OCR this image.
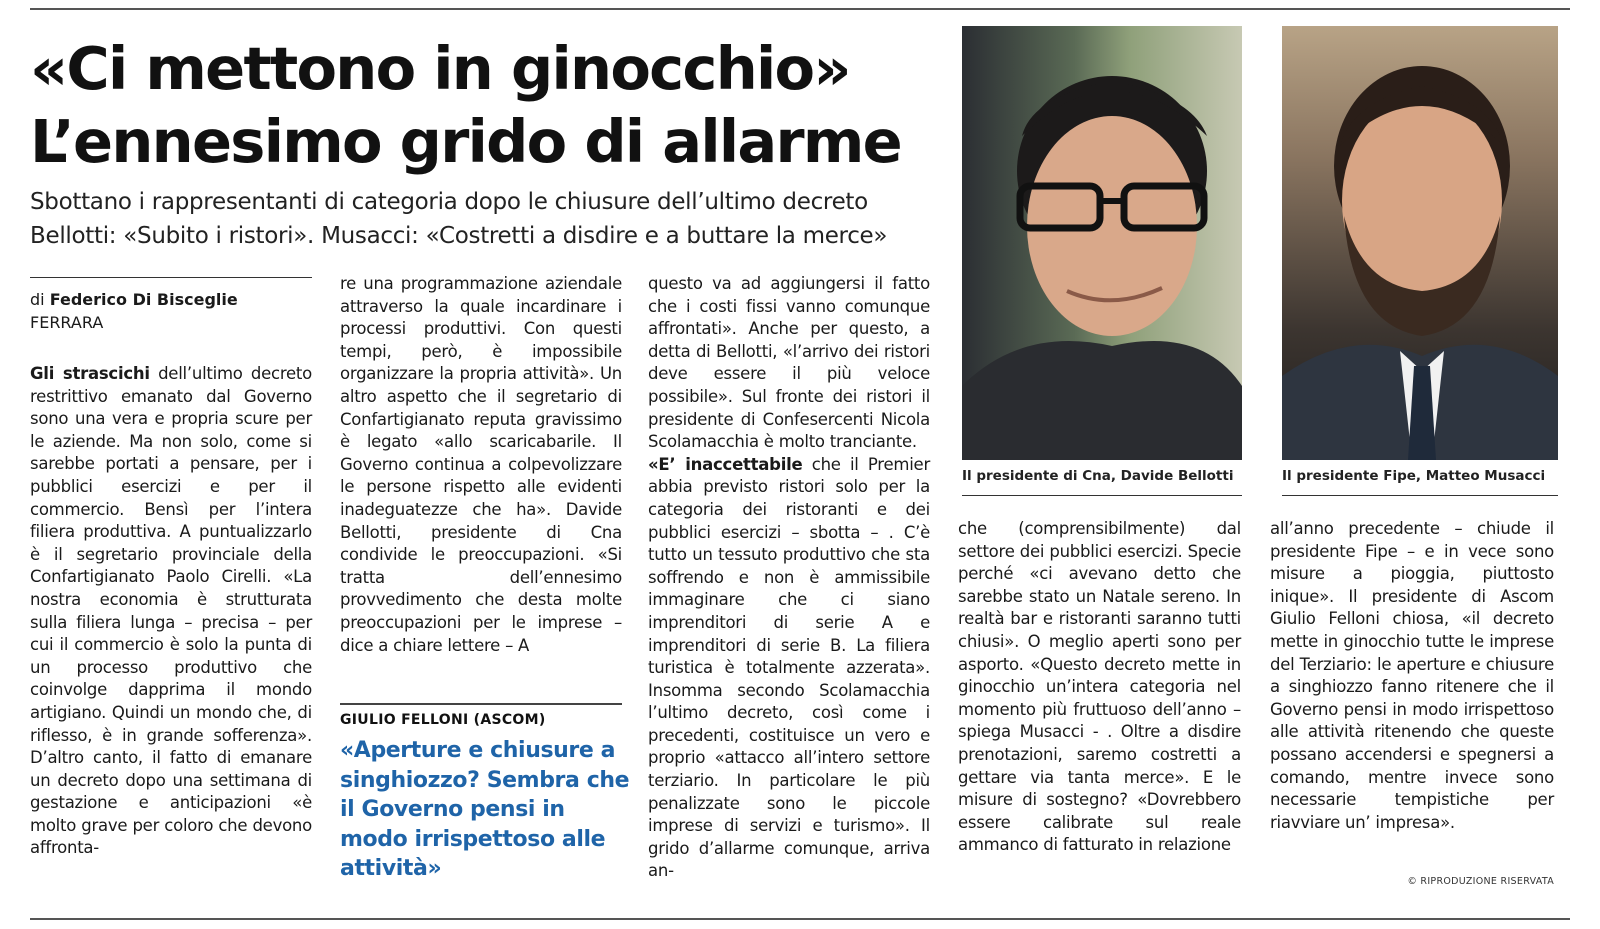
«Ci mettono in ginocchio»
L’ennesimo grido di allarme
Sbottano i rappresentanti di categoria dopo le chiusure dell’ultimo decreto
Bellotti: «Subito i ristori». Musacci: «Costretti a disdire e a buttare la merce»
di Federico Di Bisceglie
FERRARA

Gli strascichi dell’ultimo decreto restrittivo emanato dal Governo sono una vera e propria scure per le aziende. Ma non solo, come si sarebbe portati a pensare, per i pubblici esercizi e per il commercio. Bensì per l’intera filiera produttiva. A puntualizzarlo è il segretario provinciale della Confartigianato Paolo Cirelli. «La nostra economia è strutturata sulla filiera lunga – precisa – per cui il commercio è solo la punta di un processo produttivo che coinvolge dapprima il mondo artigiano. Quindi un mondo che, di riflesso, è in grande sofferenza». D’altro canto, il fatto di emanare un decreto dopo una settimana di gestazione e anticipazioni «è molto grave per coloro che devono affronta-

re una programmazione aziendale attraverso la quale incardinare i processi produttivi. Con questi tempi, però, è impossibile organizzare la propria attività». Un altro aspetto che il segretario di Confartigianato reputa gravissimo è legato «allo scaricabarile. Il Governo continua a colpevolizzare le persone rispetto alle evidenti inadeguatezze che ha». Davide Bellotti, presidente di Cna condivide le preoccupazioni. «Si tratta dell’ennesimo provvedimento che desta molte preoccupazioni per le imprese – dice a chiare lettere – A

GIULIO FELLONI (ASCOM)
«Aperture e chiusure a singhiozzo? Sembra che il Governo pensi in modo irrispettoso alle attività»

questo va ad aggiungersi il fatto che i costi fissi vanno comunque affrontati». Anche per questo, a detta di Bellotti, «l’arrivo dei ristori deve essere il più veloce possibile». Sul fronte dei ristori il presidente di Confesercenti Nicola Scolamacchia è molto tranciante.

«E’ inaccettabile che il Premier abbia previsto ristori solo per la categoria dei ristoranti e dei pubblici esercizi – sbotta – . C’è tutto un tessuto produttivo che sta soffrendo e non è ammissibile immaginare che ci siano imprenditori di serie A e imprenditori di serie B. La filiera turistica è totalmente azzerata». Insomma secondo Scolamacchia l’ultimo decreto, così come i precedenti, costituisce un vero e proprio «attacco all’intero settore terziario. In particolare le più penalizzate sono le piccole imprese di servizi e turismo». Il grido d’allarme comunque, arriva an-

Il presidente di Cna, Davide Bellotti	Il presidente Fipe, Matteo Musacci

che (comprensibilmente) dal settore dei pubblici esercizi. Specie perché «ci avevano detto che sarebbe stato un Natale sereno. In realtà bar e ristoranti saranno tutti chiusi». O meglio aperti sono per asporto. «Questo decreto mette in ginocchio un’intera categoria nel momento più fruttuoso dell’anno – spiega Musacci - . Oltre a disdire prenotazioni, saremo costretti a gettare via tanta merce». E le misure di sostegno? «Dovrebbero essere calibrate sul reale ammanco di fatturato in relazione

all’anno precedente – chiude il presidente Fipe – e in vece sono misure a pioggia, piuttosto inique». Il presidente di Ascom Giulio Felloni chiosa, «il decreto mette in ginocchio tutte le imprese del Terziario: le aperture e chiusure a singhiozzo fanno ritenere che il Governo pensi in modo irrispettoso alle attività ritenendo che queste possano accendersi e spegnersi a comando, mentre invece sono necessarie tempistiche per riavviare un’ impresa».

© RIPRODUZIONE RISERVATA
